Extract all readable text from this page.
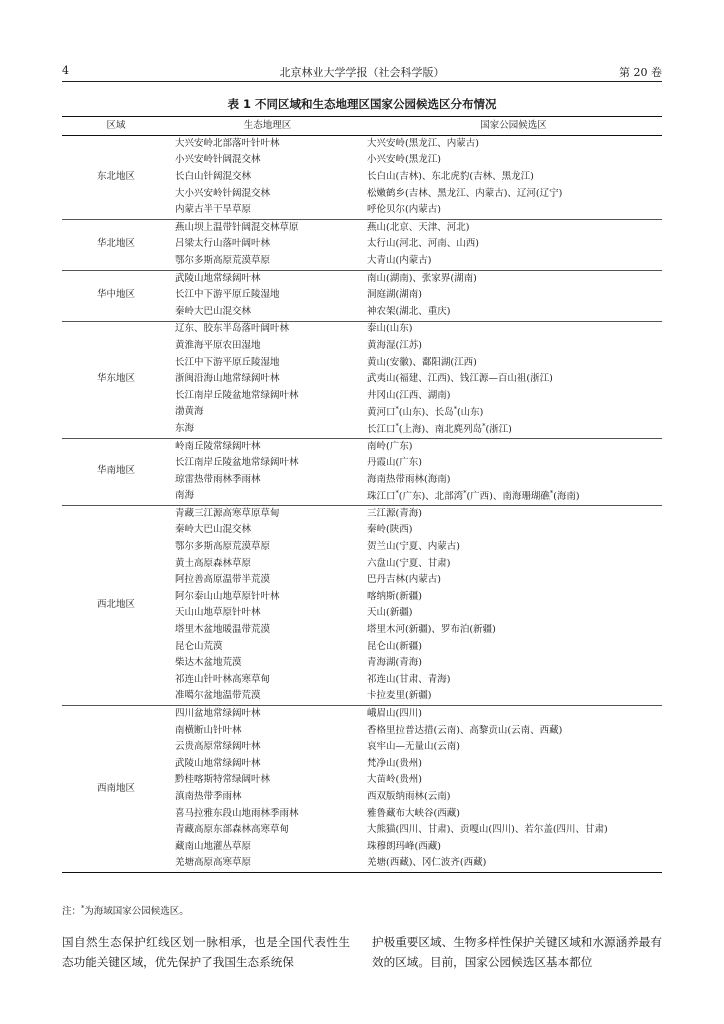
4	北京林业大学学报（社会科学版）	第 20 卷
表 1 不同区域和生态地理区国家公园候选区分布情况
区域	生态地理区	国家公园候选区
东北地区	大兴安岭北部落叶针叶林	大兴安岭(黑龙江、内蒙古)
	小兴安岭针阔混交林	小兴安岭(黑龙江)
	长白山针阔混交林	长白山(吉林)、东北虎豹(吉林、黑龙江)
	大小兴安岭针阔混交林	松嫩鹤乡(吉林、黑龙江、内蒙古)、辽河(辽宁)
	内蒙古半干旱草原	呼伦贝尔(内蒙古)
华北地区	燕山坝上温带针阔混交林草原	燕山(北京、天津、河北)
	吕梁太行山落叶阔叶林	太行山(河北、河南、山西)
	鄂尔多斯高原荒漠草原	大青山(内蒙古)
华中地区	武陵山地常绿阔叶林	南山(湖南)、张家界(湖南)
	长江中下游平原丘陵湿地	洞庭湖(湖南)
	秦岭大巴山混交林	神农架(湖北、重庆)
华东地区	辽东、胶东半岛落叶阔叶林	泰山(山东)
	黄淮海平原农田湿地	黄海湿(江苏)
	长江中下游平原丘陵湿地	黄山(安徽)、鄱阳湖(江西)
	浙闽沿海山地常绿阔叶林	武夷山(福建、江西)、钱江源—百山祖(浙江)
	长江南岸丘陵盆地常绿阔叶林	井冈山(江西、湖南)
	渤黄海	黄河口*(山东)、长岛*(山东)
	东海	长江口*(上海)、南北麂列岛*(浙江)
华南地区	岭南丘陵常绿阔叶林	南岭(广东)
	长江南岸丘陵盆地常绿阔叶林	丹霞山(广东)
	琼雷热带雨林季雨林	海南热带雨林(海南)
	南海	珠江口*(广东)、北部湾*(广西)、南海珊瑚礁*(海南)
西北地区	青藏三江源高寒草原草甸	三江源(青海)
	秦岭大巴山混交林	秦岭(陕西)
	鄂尔多斯高原荒漠草原	贺兰山(宁夏、内蒙古)
	黄土高原森林草原	六盘山(宁夏、甘肃)
	阿拉善高原温带半荒漠	巴丹吉林(内蒙古)
	阿尔泰山山地草原针叶林	喀纳斯(新疆)
	天山山地草原针叶林	天山(新疆)
	塔里木盆地暖温带荒漠	塔里木河(新疆)、罗布泊(新疆)
	昆仑山荒漠	昆仑山(新疆)
	柴达木盆地荒漠	青海湖(青海)
	祁连山针叶林高寒草甸	祁连山(甘肃、青海)
	准噶尔盆地温带荒漠	卡拉麦里(新疆)
西南地区	四川盆地常绿阔叶林	峨眉山(四川)
	南横断山针叶林	香格里拉普达措(云南)、高黎贡山(云南、西藏)
	云贵高原常绿阔叶林	哀牢山—无量山(云南)
	武陵山地常绿阔叶林	梵净山(贵州)
	黔桂喀斯特常绿阔叶林	大苗岭(贵州)
	滇南热带季雨林	西双版纳雨林(云南)
	喜马拉雅东段山地雨林季雨林	雅鲁藏布大峡谷(西藏)
	青藏高原东部森林高寒草甸	大熊猫(四川、甘肃)、贡嘎山(四川)、若尔盖(四川、甘肃)
	藏南山地灌丛草原	珠穆朗玛峰(西藏)
	羌塘高原高寒草原	羌塘(西藏)、冈仁波齐(西藏)
注：*为海域国家公园候选区。
国自然生态保护红线区划一脉相承，也是全国代表性生态功能关键区域，优先保护了我国生态系统保
护极重要区域、生物多样性保护关键区域和水源涵养最有效的区域。目前，国家公园候选区基本都位
